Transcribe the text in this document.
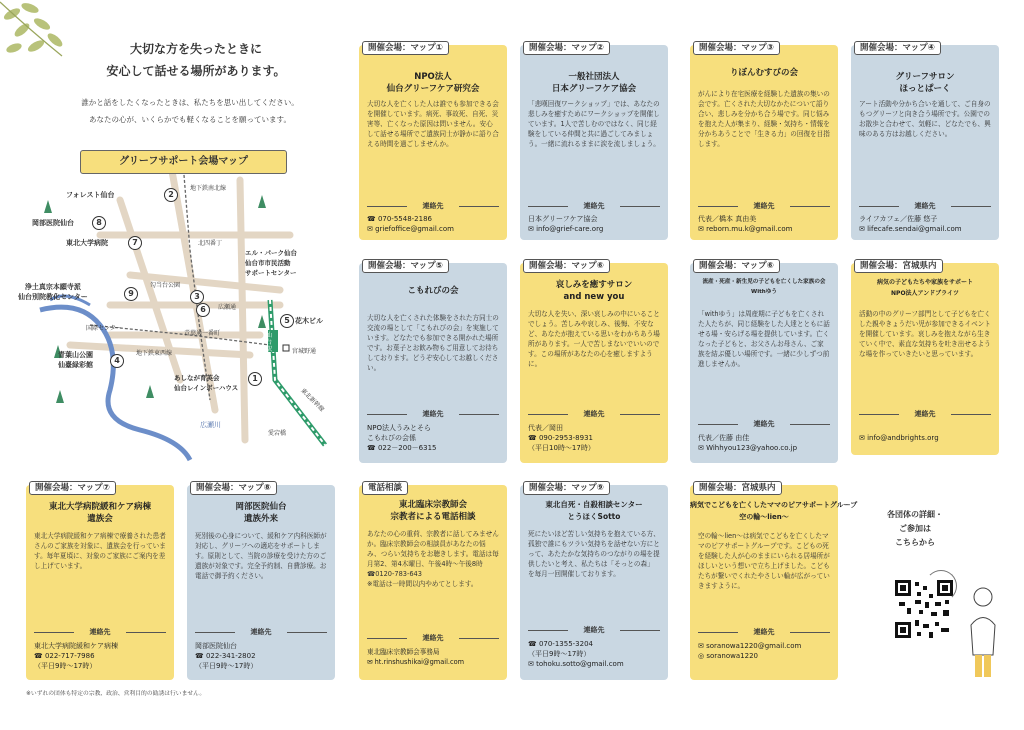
大切な方を失ったときに
安心して話せる場所があります。
誰かと話をしたくなったときは、私たちを思い出してください。
あなたの心が、いくらかでも軽くなることを願っています。
グリーフサポート会場マップ
2
8
7
9	3
6
5
4
1
フォレスト仙台
岡部医院仙台
東北大学病院
浄土真宗本願寺派
仙台別院教化センター
青葉山公園
仙臺緑彩館
エル・パーク仙台
仙台市市民活動
サポートセンター
花木ビル
あしなが育英会
仙台レインボーハウス
地下鉄南北線
北四番丁
勾当台公園
広瀬通
青葉通一番町
国際センター
地下鉄東西線
仙台駅	宮城野通
東北新幹線
広瀬川
愛宕橋
NPO法人
仙台グリーフケア研究会
大切な人を亡くした人は誰でも参加できる会を開催しています。病死、事故死、自死、災害等、亡くなった原因は問いません。安心して話せる場所でご遺族同士が静かに語り合える時間を過ごしませんか。
連絡先
☎ 070-5548-2186
✉ griefoffice@gmail.com
開催会場：マップ①
一般社団法人
日本グリーフケア協会
「悲嘆回復ワークショップ」では、あなたの悲しみを癒すためにワークショップを開催しています。1人で苦しむのではなく、同じ経験をしている仲間と共に過ごしてみましょう。一緒に流れるままに涙を流しましょう。
連絡先
日本グリーフケア協会
✉ info@grief-care.org
開催会場：マップ②
りぼんむすびの会
がんにより在宅医療を経験した遺族の集いの会です。亡くされた大切なかたについて語り合い、悲しみを分かち合う場です。同じ悩みを抱えた人が集まり、経験・気持ち・情報を分かちあうことで「生きる力」の回復を目指します。
連絡先
代表／橋本 真由美
✉ reborn.mu.k@gmail.com
開催会場：マップ③
グリーフサロン
ほっとぱーく
アート活動や分かち合いを通して、ご自身のもつグリーフと向き合う場所です。公園でのお散歩と合わせて、気軽に、どなたでも、興味のある方はお越しください。
連絡先
ライフカフェ／佐藤 悠子
✉ lifecafe.sendai@gmail.com
開催会場：マップ④
こもれびの会
大切な人を亡くされた体験をされた方同士の交流の場として「こもれびの会」を実施しています。どなたでも参加できる開かれた場所です。お菓子とお飲み物もご用意してお待ちしております。どうぞ安心してお越しください。
連絡先
NPO法人うみとそら
こもれびの会係
☎ 022－200－6315
開催会場：マップ⑤
哀しみを癒すサロン
and new you
大切な人を失い、深い哀しみの中にいることでしょう。苦しみや哀しみ、後悔、不安など、あなたが抱えている思いをわかちあう場所があります。一人で苦しまないでいいのです。この場所があなたの心を癒しますように。
連絡先
代表／岡田
☎ 090-2953-8931
（平日10時～17時）
開催会場：マップ⑥
流産・死産・新生児の子どもを亡くした家族の会
Withゆう
「withゆう」は周産期に子どもを亡くされた人たちが、同じ経験をした人達とともに話せる場・安らげる場を提供しています。亡くなった子どもと、お父さんお母さん、ご家族を結ぶ優しい場所です。一緒に少しずつ前進しませんか。
連絡先
代表／佐藤 由佳
✉ Wihhyou123@yahoo.co.jp
開催会場：マップ⑥
病気の子どもたちや家族をサポート
NPO法人アンドブライツ
活動の中のグリーフ部門として子どもを亡くした親やきょうだい児が参加できるイベントを開催しています。哀しみを抱えながら生きていく中で、素直な気持ちを吐き出せるような場を作っていきたいと思っています。
連絡先
✉ info@andbrights.org
開催会場：宮城県内
東北大学病院緩和ケア病棟
遺族会
東北大学病院緩和ケア病棟で療養された患者さんのご家族を対象に、遺族会を行っています。毎年夏頃に、対象のご家族にご案内を差し上げています。
連絡先
東北大学病院緩和ケア病棟
☎ 022-717-7986
（平日9時～17時）
開催会場：マップ⑦
岡部医院仙台
遺族外来
死別後の心身について、緩和ケア内科医師が対応し、グリーフへの適応をサポートします。原則として、当院の診療を受けた方のご遺族が対象です。完全予約制、自費診療。お電話で御予約ください。
連絡先
岡部医院仙台
☎ 022-341-2802
（平日9時～17時）
開催会場：マップ⑧
東北臨床宗教師会
宗教者による電話相談
あなたの心の重荷、宗教者に話してみませんか。臨床宗教師会の相談員があなたの悩み、つらい気持ちをお聴きします。電話は毎月第2、第4木曜日、午後4時～午後8時
☎0120-783-643
※電話は一時間以内やめてとします。
連絡先
東北臨床宗教師会事務局
✉ ht.rinshushikai@gmail.com
電話相談
東北自死・自殺相談センター
とうほくSotto
死にたいほど苦しい気持ちを抱えている方、孤独で誰にもツラい気持ちを話せない方にとって、あたたかな気持ちのつながりの場を提供したいと考え、私たちは「そっとの森」を毎月一回開催しております。
連絡先
☎ 070-1355-3204
（平日9時～17時）
✉ tohoku.sotto@gmail.com
開催会場：マップ⑨
病気でこどもを亡くしたママのピアサポートグループ
空の輪～lien～
空の輪～lien～は病気でこどもを亡くしたママのピアサポートグループです。こどもの死を経験した人が心のままにいられる居場所がほしいという想いで立ち上げました。こどもたちが繋いでくれたやさしい輪が広がっていきますように。
連絡先
✉ soranowa1220@gmail.com
◎ soranowa1220
開催会場：宮城県内
各団体の詳細・
ご参加は
こちらから
※いずれの団体も特定の宗教、政治、営利目的の勧誘は行いません。
